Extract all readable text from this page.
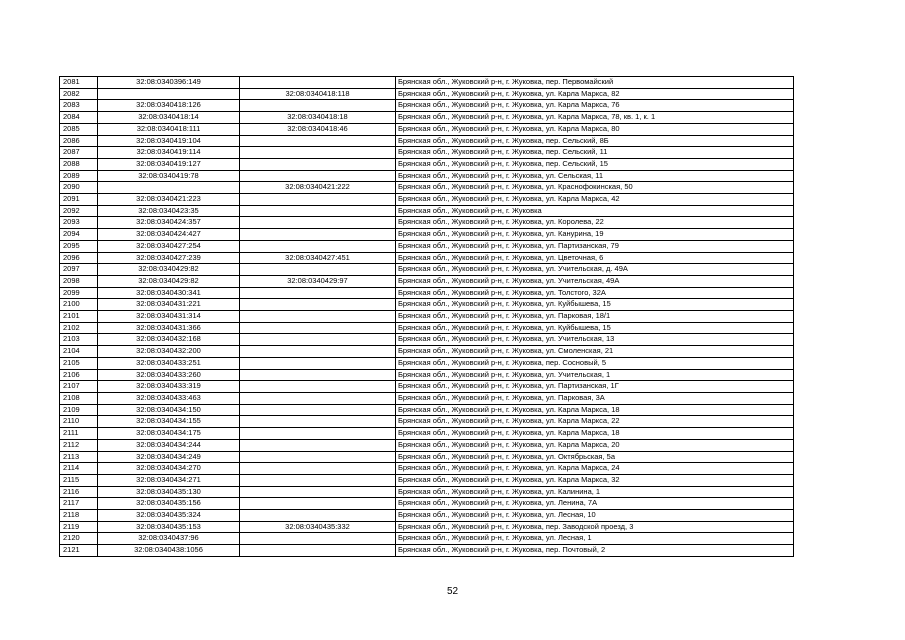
2081	32:08:0340396:149		Брянская обл., Жуковский р-н, г. Жуковка, пер. Первомайский
2082		32:08:0340418:118	Брянская обл., Жуковский р-н, г. Жуковка, ул. Карла Маркса, 82
2083	32:08:0340418:126		Брянская обл., Жуковский р-н, г. Жуковка, ул. Карла Маркса, 76
2084	32:08:0340418:14	32:08:0340418:18	Брянская обл., Жуковский р-н, г. Жуковка, ул. Карла Маркса, 78, кв. 1, к. 1
2085	32:08:0340418:111	32:08:0340418:46	Брянская обл., Жуковский р-н, г. Жуковка, ул. Карла Маркса, 80
2086	32:08:0340419:104		Брянская обл., Жуковский р-н, г. Жуковка, пер. Сельский, 8Б
2087	32:08:0340419:114		Брянская обл., Жуковский р-н, г. Жуковка, пер. Сельский, 11
2088	32:08:0340419:127		Брянская обл., Жуковский р-н, г. Жуковка, пер. Сельский, 15
2089	32:08:0340419:78		Брянская обл., Жуковский р-н, г. Жуковка, ул. Сельская, 11
2090		32:08:0340421:222	Брянская обл., Жуковский р-н, г. Жуковка, ул. Краснофокинская, 50
2091	32:08:0340421:223		Брянская обл., Жуковский р-н, г. Жуковка, ул. Карла Маркса, 42
2092	32:08:0340423:35		Брянская обл., Жуковский р-н, г. Жуковка
2093	32:08:0340424:357		Брянская обл., Жуковский р-н, г. Жуковка, ул. Королева, 22
2094	32:08:0340424:427		Брянская обл., Жуковский р-н, г. Жуковка, ул. Канурина, 19
2095	32:08:0340427:254		Брянская обл., Жуковский р-н, г. Жуковка, ул. Партизанская, 79
2096	32:08:0340427:239	32:08:0340427:451	Брянская обл., Жуковский р-н, г. Жуковка, ул. Цветочная, 6
2097	32:08:0340429:82		Брянская обл., Жуковский р-н, г. Жуковка, ул. Учительская, д. 49А
2098	32:08:0340429:82	32:08:0340429:97	Брянская обл., Жуковский р-н, г. Жуковка, ул. Учительская, 49А
2099	32:08:0340430:341		Брянская обл., Жуковский р-н, г. Жуковка, ул. Толстого, 32А
2100	32:08:0340431:221		Брянская обл., Жуковский р-н, г. Жуковка, ул. Куйбышева, 15
2101	32:08:0340431:314		Брянская обл., Жуковский р-н, г. Жуковка, ул. Парковая, 18/1
2102	32:08:0340431:366		Брянская обл., Жуковский р-н, г. Жуковка, ул. Куйбышева, 15
2103	32:08:0340432:168		Брянская обл., Жуковский р-н, г. Жуковка, ул. Учительская, 13
2104	32:08:0340432:200		Брянская обл., Жуковский р-н, г. Жуковка, ул. Смоленская, 21
2105	32:08:0340433:251		Брянская обл., Жуковский р-н, г. Жуковка, пер. Сосновый, 5
2106	32:08:0340433:260		Брянская обл., Жуковский р-н, г. Жуковка, ул. Учительская, 1
2107	32:08:0340433:319		Брянская обл., Жуковский р-н, г. Жуковка, ул. Партизанская, 1Г
2108	32:08:0340433:463		Брянская обл., Жуковский р-н, г. Жуковка, ул. Парковая, 3А
2109	32:08:0340434:150		Брянская обл., Жуковский р-н, г. Жуковка, ул. Карла Маркса, 18
2110	32:08:0340434:155		Брянская обл., Жуковский р-н, г. Жуковка, ул. Карла Маркса, 22
2111	32:08:0340434:175		Брянская обл., Жуковский р-н, г. Жуковка, ул. Карла Маркса, 18
2112	32:08:0340434:244		Брянская обл., Жуковский р-н, г. Жуковка, ул. Карла Маркса, 20
2113	32:08:0340434:249		Брянская обл., Жуковский р-н, г. Жуковка, ул. Октябрьская, 5а
2114	32:08:0340434:270		Брянская обл., Жуковский р-н, г. Жуковка, ул. Карла Маркса, 24
2115	32:08:0340434:271		Брянская обл., Жуковский р-н, г. Жуковка, ул. Карла Маркса, 32
2116	32:08:0340435:130		Брянская обл., Жуковский р-н, г. Жуковка, ул. Калинина, 1
2117	32:08:0340435:156		Брянская обл., Жуковский р-н, г. Жуковка, ул. Ленина, 7А
2118	32:08:0340435:324		Брянская обл., Жуковский р-н, г. Жуковка, ул. Лесная, 10
2119	32:08:0340435:153	32:08:0340435:332	Брянская обл., Жуковский р-н, г. Жуковка, пер. Заводской проезд, 3
2120	32:08:0340437:96		Брянская обл., Жуковский р-н, г. Жуковка, ул. Лесная, 1
2121	32:08:0340438:1056		Брянская обл., Жуковский р-н, г. Жуковка, пер. Почтовый, 2
52
